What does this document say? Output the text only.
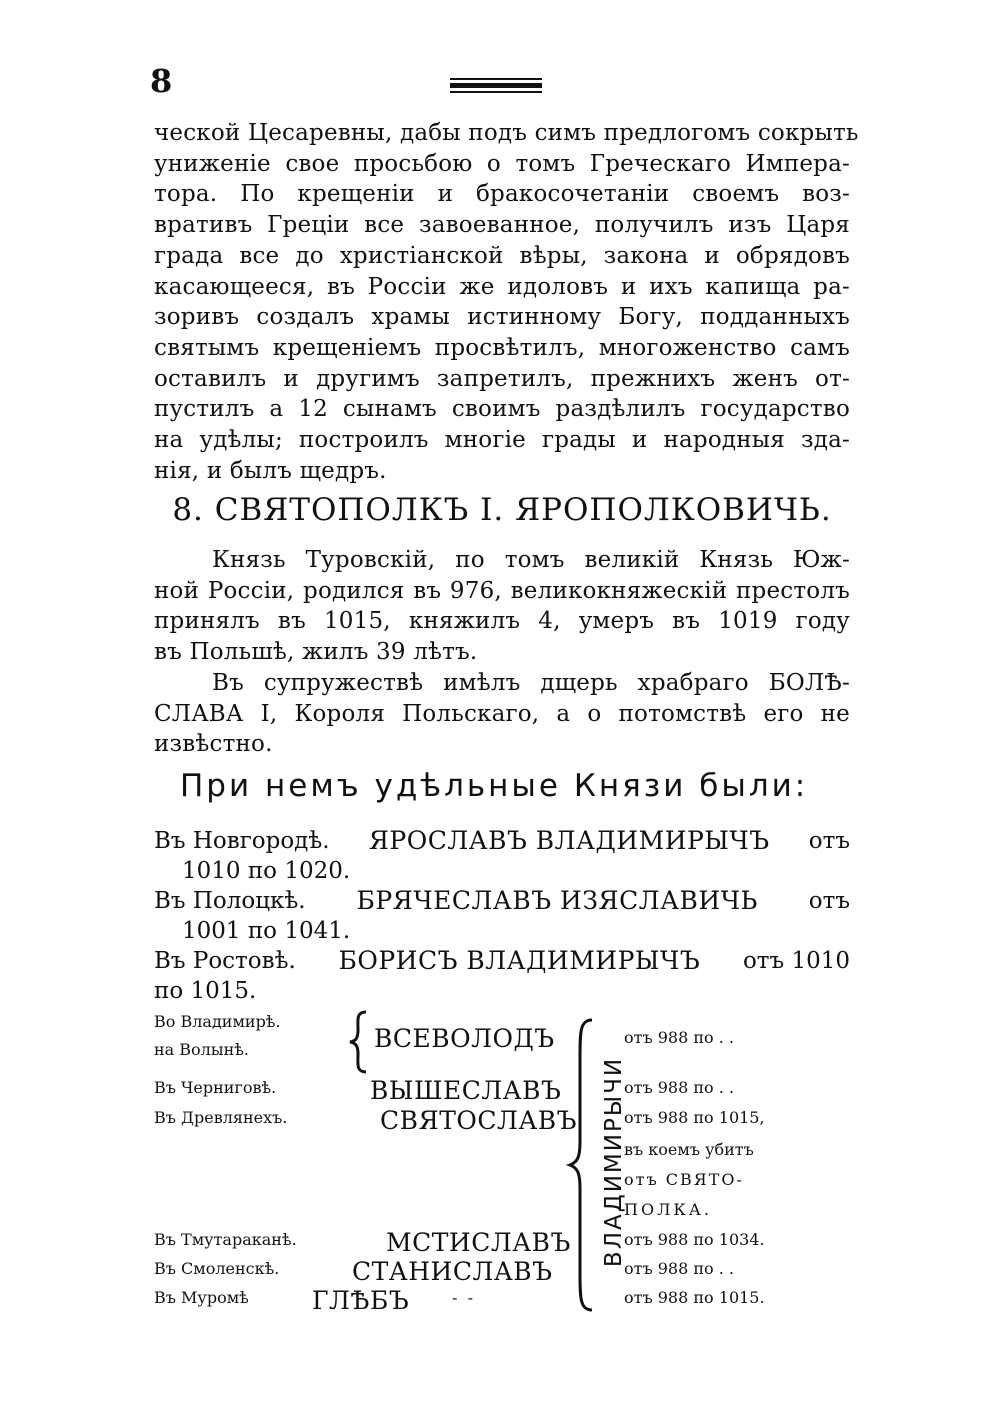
8
ческой Цесаревны, дабы подъ симъ предлогомъ сокрыть
униженiе свое просьбою о томъ Греческаго Импера-
тора. По крещенiи и бракосочетанiи своемъ воз-
вративъ Грецiи все завоеванное, получилъ изъ Царя
града все до христiанской вѣры, закона и обрядовъ
касающееся, въ Россiи же идоловъ и ихъ капища ра-
зоривъ создалъ храмы истинному Богу, подданныхъ
святымъ крещенiемъ просвѣтилъ, многоженство самъ
оставилъ и другимъ запретилъ, прежнихъ женъ от-
пустилъ а 12 сынамъ своимъ раздѣлилъ государство
на удѣлы; построилъ многiе грады и народныя зда-
нiя, и былъ щедръ.
8. СВЯТОПОЛКЪ I. ЯРОПОЛКОВИЧЬ.
Князь Туровскiй, по томъ великiй Князь Юж-
ной Россiи, родился въ 976, великокняжескiй престолъ
принялъ въ 1015, княжилъ 4, умеръ въ 1019 году
въ Польшѣ, жилъ 39 лѣтъ.
Въ супружествѣ имѣлъ дщерь храбраго БОЛѢ-
СЛАВА I, Короля Польскаго, а о потомствѣ его не
извѣстно.
При немъ удѣльные Князи были:
Въ Новгородѣ. ЯРОСЛАВЪ ВЛАДИМИРЫЧЪ отъ
1010 по 1020.
Въ Полоцкѣ. БРЯЧЕСЛАВЪ ИЗЯСЛАВИЧЬ отъ
1001 по 1041.
Въ Ростовѣ. БОРИСЪ ВЛАДИМИРЫЧЪ отъ 1010
по 1015.
Во Владимирѣ.
на Волынѣ.	ВСЕВОЛОДЪ	отъ 988 по . .
Въ Черниговѣ.	ВЫШЕСЛАВЪ	отъ 988 по . .
Въ Древлянехъ.	СВЯТОСЛАВЪ	отъ 988 по 1015,
въ коемъ убитъ
отъ СВЯТО-
ПОЛКА.
Въ Тмутараканѣ.	МСТИСЛАВЪ	отъ 988 по 1034.
Въ Смоленскѣ.	СТАНИСЛАВЪ	отъ 988 по . .
Въ Муромѣ	ГЛѢБЪ	-  -	отъ 988 по 1015.
ВЛАДИМИРЫЧИ
